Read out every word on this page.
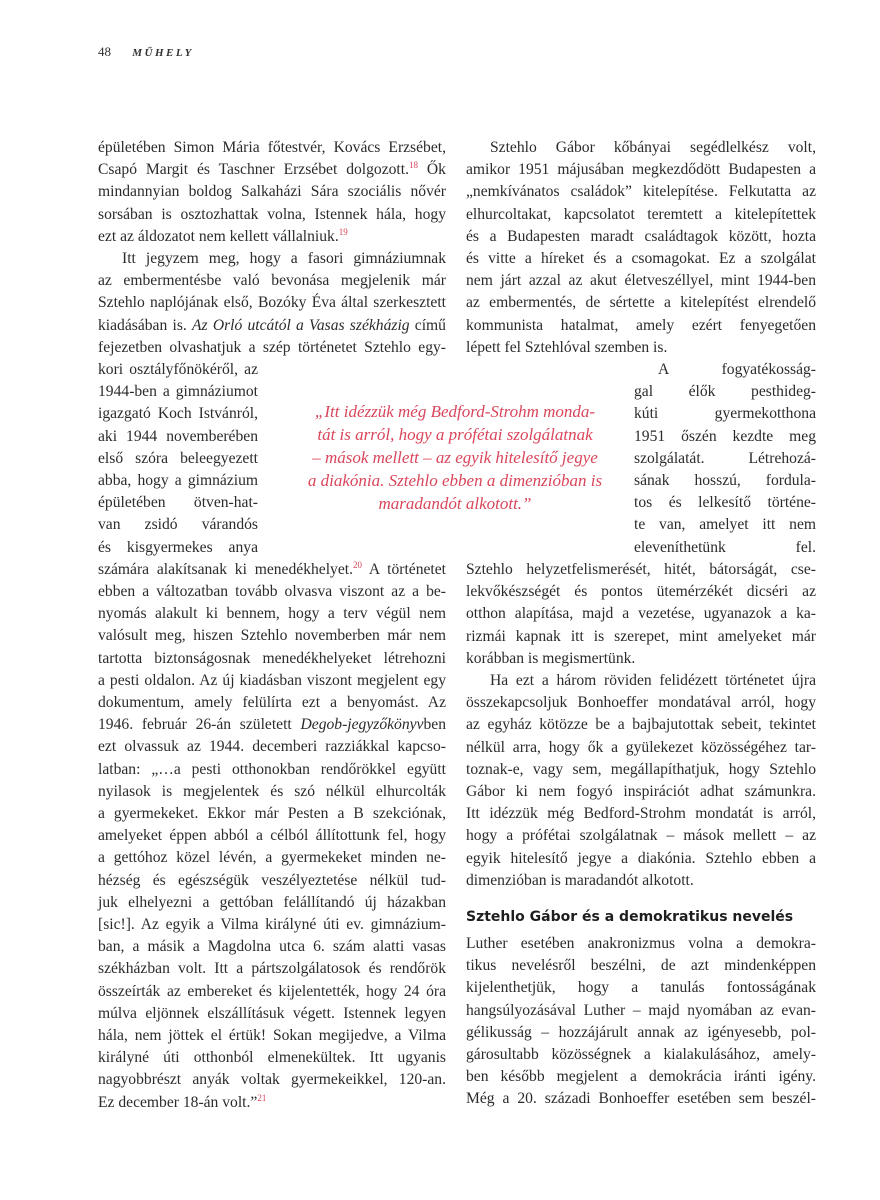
48 MŰHELY
Sztehlo Gábor és a demokratikus nevelés
„Itt idézzük még Bedford-Strohm monda-
tát is arról, hogy a prófétai szolgálatnak
– mások mellett – az egyik hitelesítő jegye
a diakónia. Sztehlo ebben a dimenzióban is
maradandót alkotott.”
épületében Simon Mária főtestvér, Kovács Erzsébet,
Csapó Margit és Taschner Erzsébet dolgozott.$^{18}$ Ők
mindannyian boldog Salkaházi Sára szociális nővér
sorsában is osztozhattak volna, Istennek hála, hogy
ezt az áldozatot nem kellett vállalniuk.$^{19}$
Itt jegyzem meg, hogy a fasori gimnáziumnak
az embermentésbe való bevonása megjelenik már
Sztehlo naplójának első, Bozóky Éva által szerkesztett
kiadásában is. Az Orló utcától a Vasas székházig című
fejezetben olvashatjuk a szép történetet Sztehlo egy-
kori osztályfőnökéről, az
1944-ben a gimnáziumot
igazgató Koch Istvánról,
aki 1944 novemberében
első szóra beleegyezett
abba, hogy a gimnázium
épületében ötven-hat-
van zsidó várandós
és kisgyermekes anya
számára alakítsanak ki menedékhelyet.$^{20}$ A történetet
ebben a változatban tovább olvasva viszont az a be-
nyomás alakult ki bennem, hogy a terv végül nem
valósult meg, hiszen Sztehlo novemberben már nem
tartotta biztonságosnak menedékhelyeket létrehozni
a pesti oldalon. Az új kiadásban viszont megjelent egy
dokumentum, amely felülírta ezt a benyomást. Az
1946. február 26-án született Degob-jegyzőkönyvben
ezt olvassuk az 1944. decemberi razziákkal kapcso-
latban: „…a pesti otthonokban rendőrökkel együtt
nyilasok is megjelentek és szó nélkül elhurcolták
a gyermekeket. Ekkor már Pesten a B szekciónak,
amelyeket éppen abból a célból állítottunk fel, hogy
a gettóhoz közel lévén, a gyermekeket minden ne-
hézség és egészségük veszélyeztetése nélkül tud-
juk elhelyezni a gettóban felállítandó új házakban
[sic!]. Az egyik a Vilma királyné úti ev. gimnázium-
ban, a másik a Magdolna utca 6. szám alatti vasas
székházban volt. Itt a pártszolgálatosok és rendőrök
összeírták az embereket és kijelentették, hogy 24 óra
múlva eljönnek elszállításuk végett. Istennek legyen
hála, nem jöttek el értük! Sokan megijedve, a Vilma
királyné úti otthonból elmenekültek. Itt ugyanis
nagyobbrészt anyák voltak gyermekeikkel, 120-an.
Ez december 18-án volt.”$^{21}$
Sztehlo Gábor kőbányai segédlelkész volt,
amikor 1951 májusában megkezdődött Budapesten a
„nemkívánatos családok” kitelepítése. Felkutatta az
elhurcoltakat, kapcsolatot teremtett a kitelepítettek
és a Budapesten maradt családtagok között, hozta
és vitte a híreket és a csomagokat. Ez a szolgálat
nem járt azzal az akut életveszéllyel, mint 1944-ben
az embermentés, de sértette a kitelepítést elrendelő
kommunista hatalmat, amely ezért fenyegetően
lépett fel Sztehlóval szemben is.
A fogyatékosság-
gal élők pesthideg-
kúti gyermekotthona
1951 őszén kezdte meg
szolgálatát. Létrehozá-
sának hosszú, fordula-
tos és lelkesítő történe-
te van, amelyet itt nem
eleveníthetünk fel.
Sztehlo helyzetfelismerését, hitét, bátorságát, cse-
lekvőkészségét és pontos ütemérzékét dicséri az
otthon alapítása, majd a vezetése, ugyanazok a ka-
rizmái kapnak itt is szerepet, mint amelyeket már
korábban is megismertünk.
Ha ezt a három röviden felidézett történetet újra
összekapcsoljuk Bonhoeffer mondatával arról, hogy
az egyház kötözze be a bajbajutottak sebeit, tekintet
nélkül arra, hogy ők a gyülekezet közösségéhez tar-
toznak-e, vagy sem, megállapíthatjuk, hogy Sztehlo
Gábor ki nem fogyó inspirációt adhat számunkra.
Itt idézzük még Bedford-Strohm mondatát is arról,
hogy a prófétai szolgálatnak – mások mellett – az
egyik hitelesítő jegye a diakónia. Sztehlo ebben a
dimenzióban is maradandót alkotott.
Luther esetében anakronizmus volna a demokra-
tikus nevelésről beszélni, de azt mindenképpen
kijelenthetjük, hogy a tanulás fontosságának
hangsúlyozásával Luther – majd nyomában az evan-
gélikusság – hozzájárult annak az igényesebb, pol-
gárosultabb közösségnek a kialakulásához, amely-
ben később megjelent a demokrácia iránti igény.
Még a 20. századi Bonhoeffer esetében sem beszél-
